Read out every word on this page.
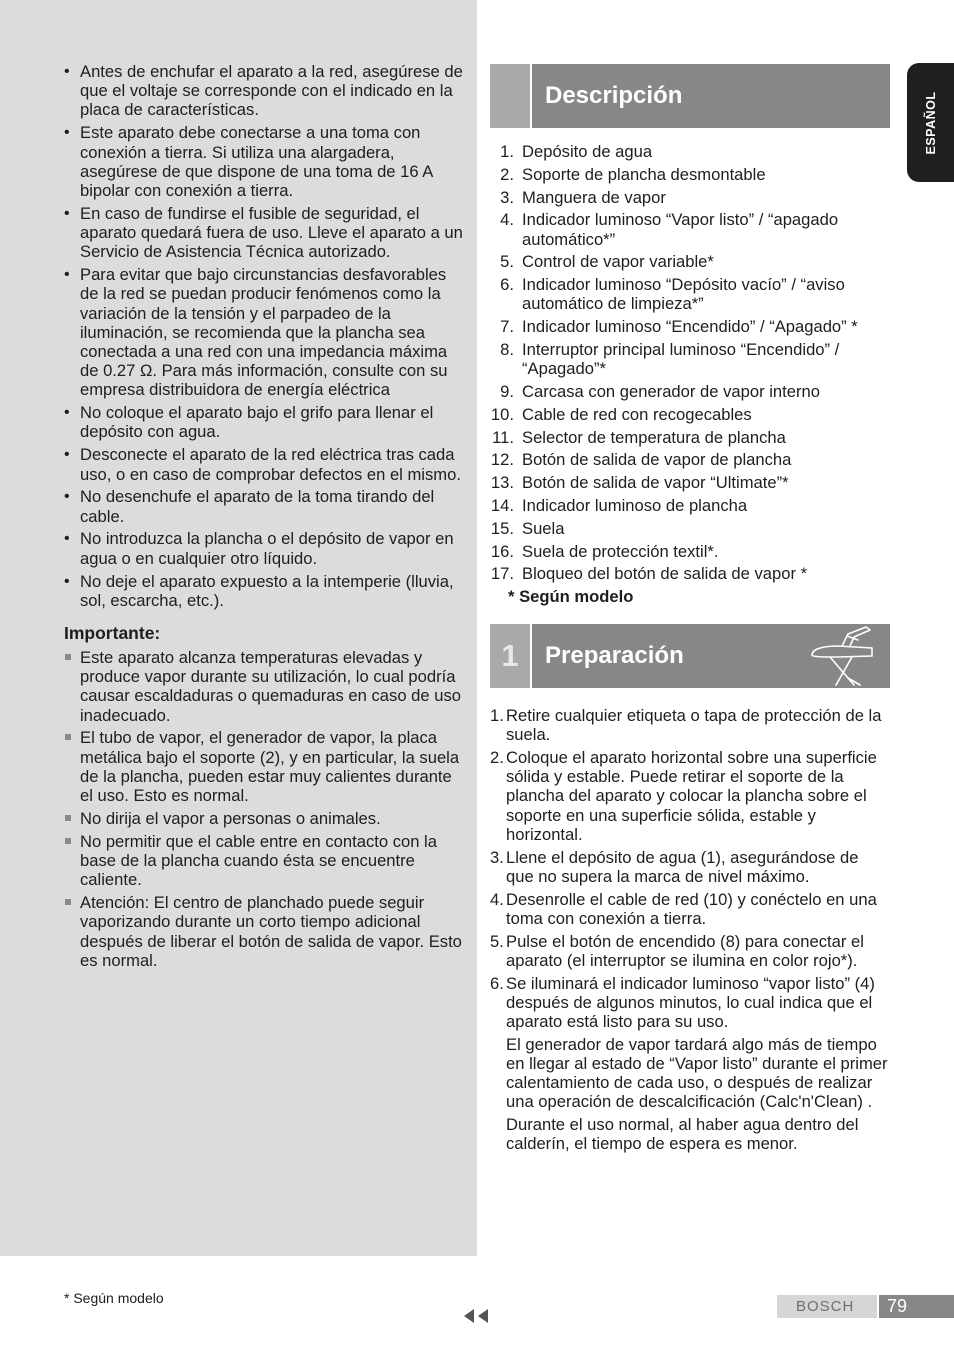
• Antes de enchufar el aparato a la red, asegúrese de que el voltaje se corresponde con el indicado en la placa de características.
• Este aparato debe conectarse a una toma con conexión a tierra. Si utiliza una alargadera, asegúrese de que dispone de una toma de 16 A bipolar con conexión a tierra.
• En caso de fundirse el fusible de seguridad, el aparato quedará fuera de uso. Lleve el aparato a un Servicio de Asistencia Técnica autorizado.
• Para evitar que bajo circunstancias desfavorables de la red se puedan producir fenómenos como la variación de la tensión y el parpadeo de la iluminación, se recomienda que la plancha sea conectada a una red con una impedancia máxima de 0.27 Ω. Para más información, consulte con su empresa distribuidora de energía eléctrica
• No coloque el aparato bajo el grifo para llenar el depósito con agua.
• Desconecte el aparato de la red eléctrica tras cada uso, o en caso de comprobar defectos en el mismo.
• No desenchufe el aparato de la toma tirando del cable.
• No introduzca la plancha o el depósito de vapor en agua o en cualquier otro líquido.
• No deje el aparato expuesto a la intemperie (lluvia, sol, escarcha, etc.).
Importante:
Este aparato alcanza temperaturas elevadas y produce vapor durante su utilización, lo cual podría causar escaldaduras o quemaduras en caso de uso inadecuado.
El tubo de vapor, el generador de vapor, la placa metálica bajo el soporte (2), y en particular, la suela de la plancha, pueden estar muy calientes durante el uso. Esto es normal.
No dirija el vapor a personas o animales.
No permitir que el cable entre en contacto con la base de la plancha cuando ésta se encuentre caliente.
Atención: El centro de planchado puede seguir vaporizando durante un corto tiempo adicional después de liberar el botón de salida de vapor. Esto es normal.
Descripción
1. Depósito de agua
2. Soporte de plancha desmontable
3. Manguera de vapor
4. Indicador luminoso “Vapor listo” / “apagado automático*”
5. Control de vapor variable*
6. Indicador luminoso “Depósito vacío” / “aviso automático de limpieza*”
7. Indicador luminoso “Encendido” / “Apagado” *
8. Interruptor principal luminoso “Encendido” / “Apagado”*
9. Carcasa con generador de vapor interno
10. Cable de red con recogecables
11. Selector de temperatura de plancha
12. Botón de salida de vapor de plancha
13. Botón de salida de vapor “Ultimate”*
14. Indicador luminoso de plancha
15. Suela
16. Suela de protección textil*.
17. Bloqueo del botón de salida de vapor *
* Según modelo
1	Preparación
1. Retire cualquier etiqueta o tapa de protección de la suela.
2. Coloque el aparato horizontal sobre una superficie sólida y estable. Puede retirar el soporte de la plancha del aparato y colocar la plancha sobre el soporte en una superficie sólida, estable y horizontal.
3. Llene el depósito de agua (1), asegurándose de que no supera la marca de nivel máximo.
4. Desenrolle el cable de red (10) y conéctelo en una toma con conexión a tierra.
5. Pulse el botón de encendido (8) para conectar el aparato (el interruptor se ilumina en color rojo*).
6. Se iluminará el indicador luminoso “vapor listo” (4) después de algunos minutos, lo cual indica que el aparato está listo para su uso.
El generador de vapor tardará algo más de tiempo en llegar al estado de “Vapor listo” durante el primer calentamiento de cada uso, o después de realizar una operación de descalcificación (Calc'n'Clean) .
Durante el uso normal, al haber agua dentro del calderín, el tiempo de espera es menor.
ESPAÑOL
* Según modelo	BOSCH 79
